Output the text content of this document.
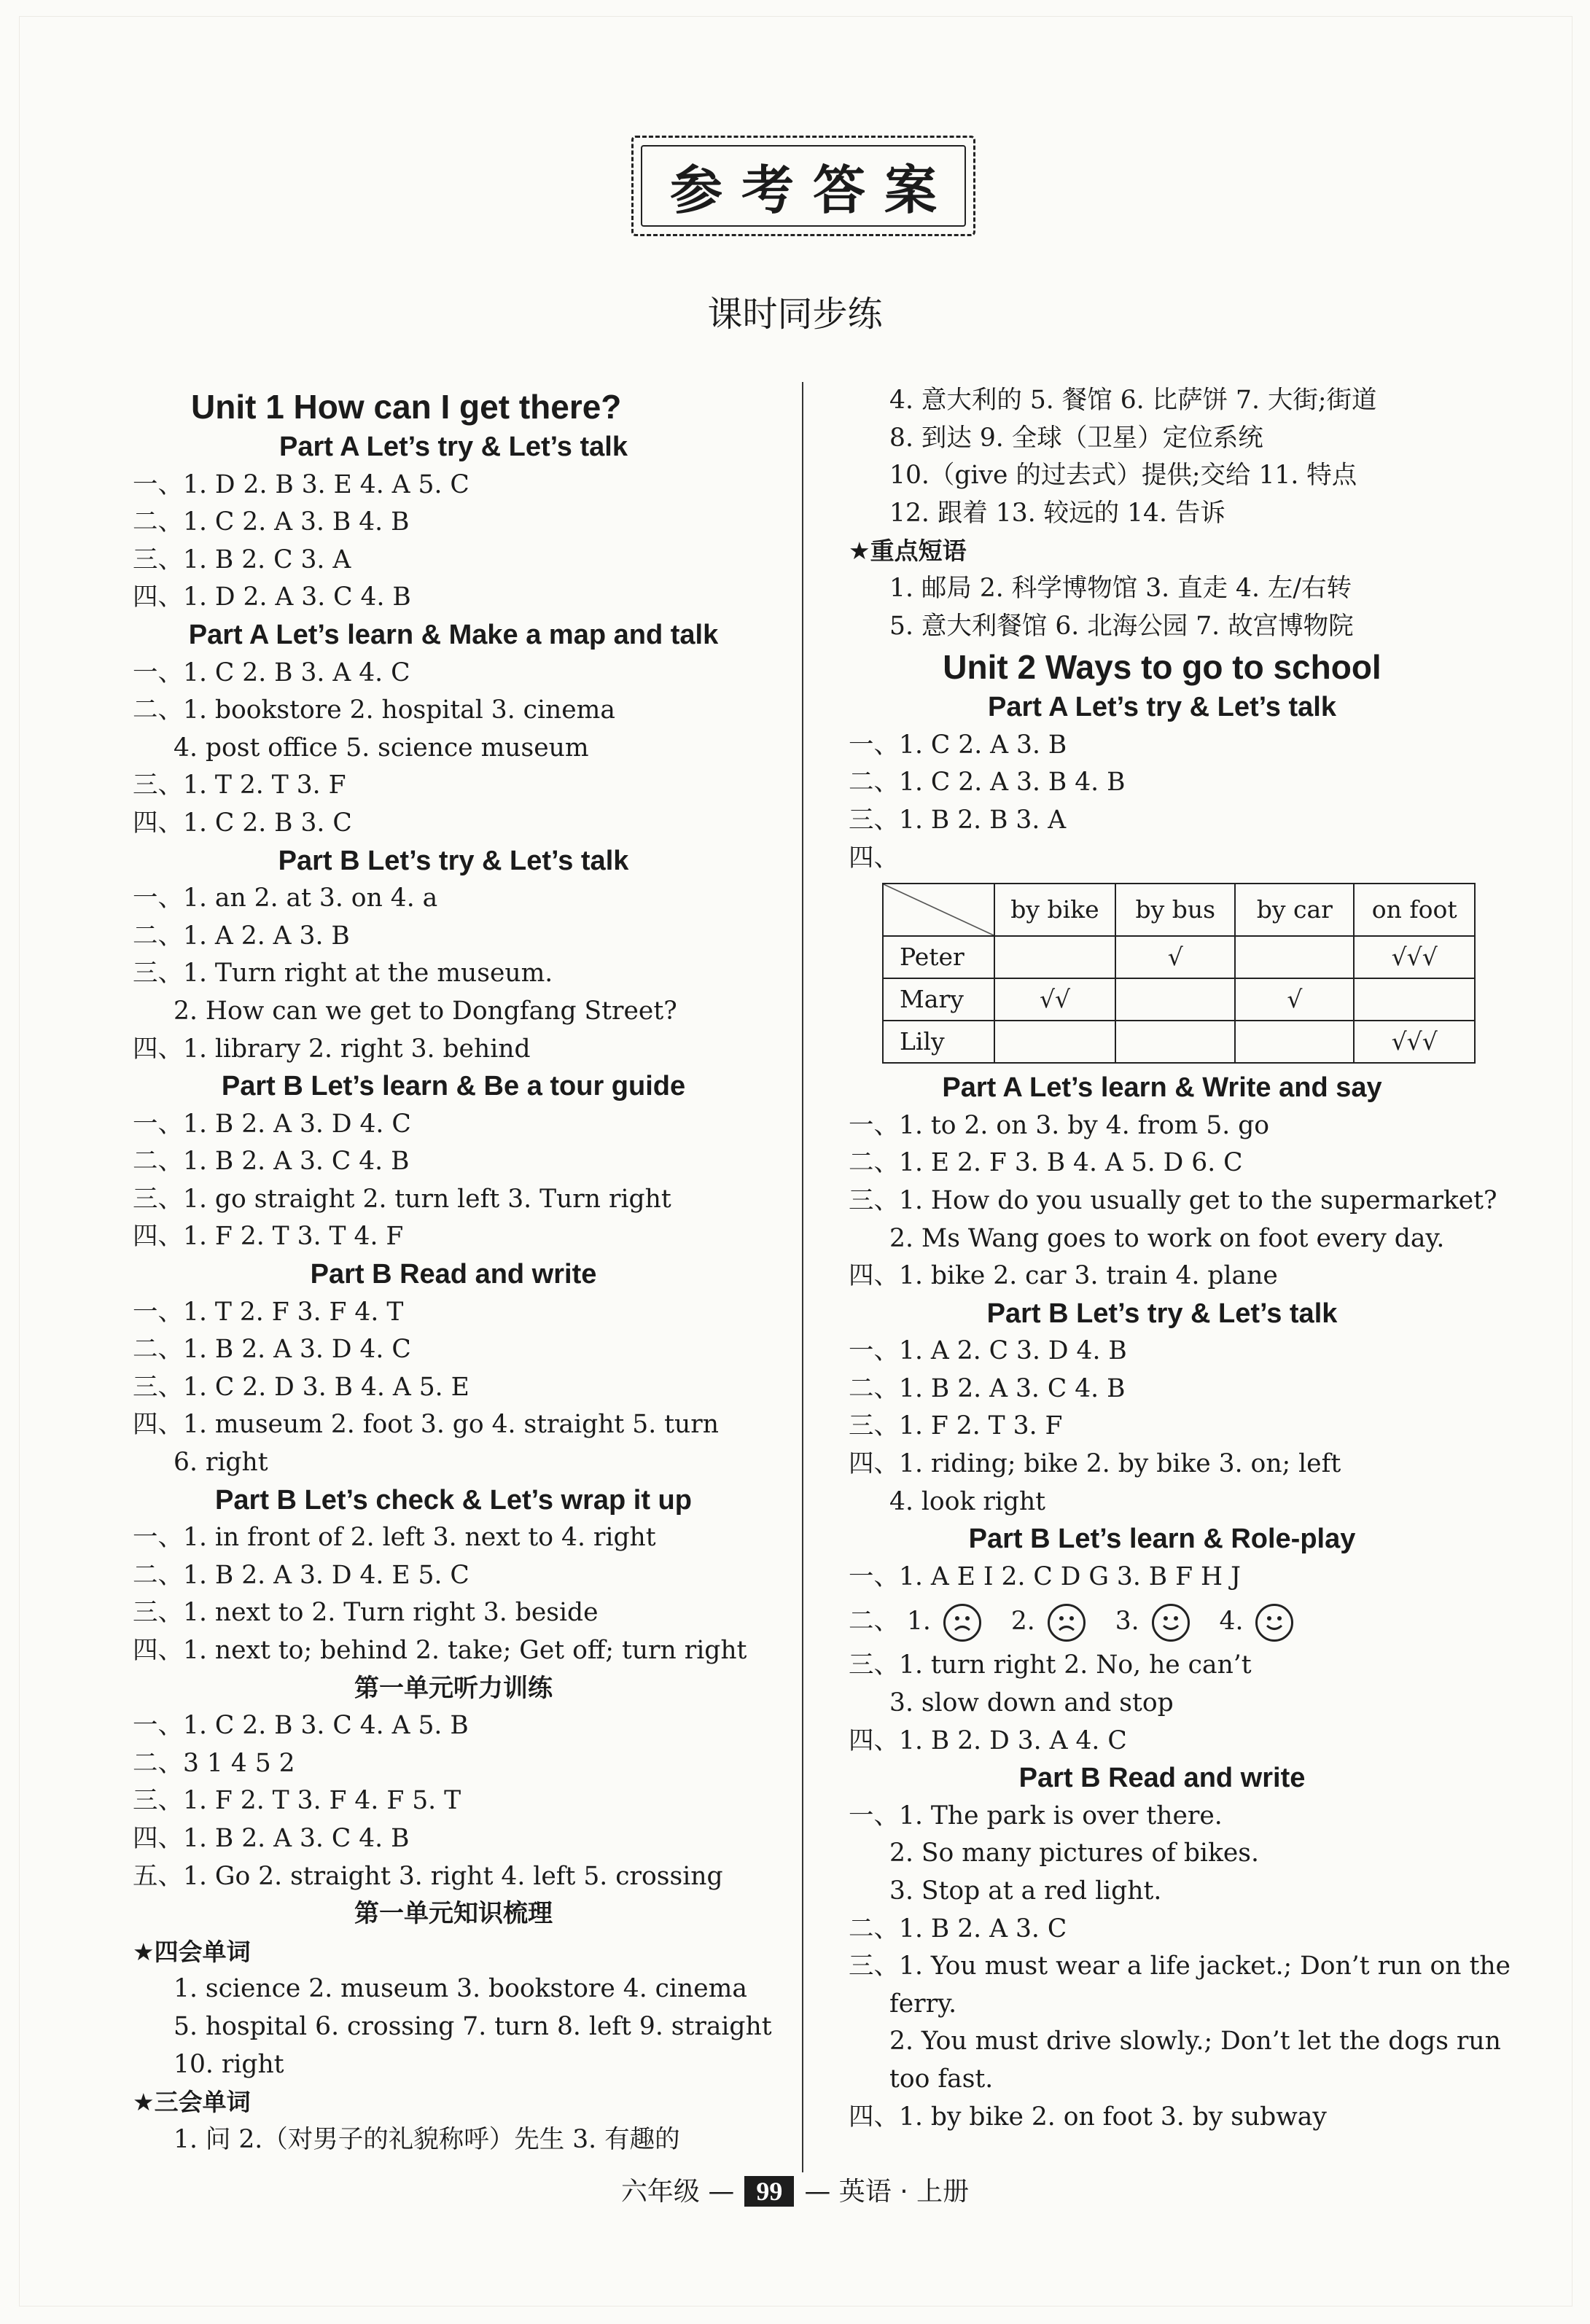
参考答案
课时同步练
Unit 1 How can I get there?
Part A Let’s try & Let’s talk
一、1. D 2. B 3. E 4. A 5. C
二、1. C 2. A 3. B 4. B
三、1. B 2. C 3. A
四、1. D 2. A 3. C 4. B
Part A Let’s learn & Make a map and talk
一、1. C 2. B 3. A 4. C
二、1. bookstore 2. hospital 3. cinema
4. post office 5. science museum
三、1. T 2. T 3. F
四、1. C 2. B 3. C
Part B Let’s try & Let’s talk
一、1. an 2. at 3. on 4. a
二、1. A 2. A 3. B
三、1. Turn right at the museum.
2. How can we get to Dongfang Street?
四、1. library 2. right 3. behind
Part B Let’s learn & Be a tour guide
一、1. B 2. A 3. D 4. C
二、1. B 2. A 3. C 4. B
三、1. go straight 2. turn left 3. Turn right
四、1. F 2. T 3. T 4. F
Part B Read and write
一、1. T 2. F 3. F 4. T
二、1. B 2. A 3. D 4. C
三、1. C 2. D 3. B 4. A 5. E
四、1. museum 2. foot 3. go 4. straight 5. turn
6. right
Part B Let’s check & Let’s wrap it up
一、1. in front of 2. left 3. next to 4. right
二、1. B 2. A 3. D 4. E 5. C
三、1. next to 2. Turn right 3. beside
四、1. next to; behind 2. take; Get off; turn right
第一单元听力训练
一、1. C 2. B 3. C 4. A 5. B
二、3 1 4 5 2
三、1. F 2. T 3. F 4. F 5. T
四、1. B 2. A 3. C 4. B
五、1. Go 2. straight 3. right 4. left 5. crossing
第一单元知识梳理
★四会单词
1. science 2. museum 3. bookstore 4. cinema
5. hospital 6. crossing 7. turn 8. left 9. straight
10. right
★三会单词
1. 问 2.（对男子的礼貌称呼）先生 3. 有趣的
4. 意大利的 5. 餐馆 6. 比萨饼 7. 大街;街道
8. 到达 9. 全球（卫星）定位系统
10.（give 的过去式）提供;交给 11. 特点
12. 跟着 13. 较远的 14. 告诉
★重点短语
1. 邮局 2. 科学博物馆 3. 直走 4. 左/右转
5. 意大利餐馆 6. 北海公园 7. 故宫博物院
Unit 2 Ways to go to school
Part A Let’s try & Let’s talk
一、1. C 2. A 3. B
二、1. C 2. A 3. B 4. B
三、1. B 2. B 3. A
四、
	by bike	by bus	by car	on foot
Peter		√		√√√
Mary	√√		√	
Lily				√√√
Part A Let’s learn & Write and say
一、1. to 2. on 3. by 4. from 5. go
二、1. E 2. F 3. B 4. A 5. D 6. C
三、1. How do you usually get to the supermarket?
2. Ms Wang goes to work on foot every day.
四、1. bike 2. car 3. train 4. plane
Part B Let’s try & Let’s talk
一、1. A 2. C 3. D 4. B
二、1. B 2. A 3. C 4. B
三、1. F 2. T 3. F
四、1. riding; bike 2. by bike 3. on; left
4. look right
Part B Let’s learn & Role-play
一、1. A E I 2. C D G 3. B F H J
二、 1.	2.	3.	4.
三、1. turn right 2. No, he can’t
3. slow down and stop
四、1. B 2. D 3. A 4. C
Part B Read and write
一、1. The park is over there.
2. So many pictures of bikes.
3. Stop at a red light.
二、1. B 2. A 3. C
三、1. You must wear a life jacket.; Don’t run on the
ferry.
2. You must drive slowly.; Don’t let the dogs run
too fast.
四、1. by bike 2. on foot 3. by subway
六年级 — 99 — 英语 · 上册
